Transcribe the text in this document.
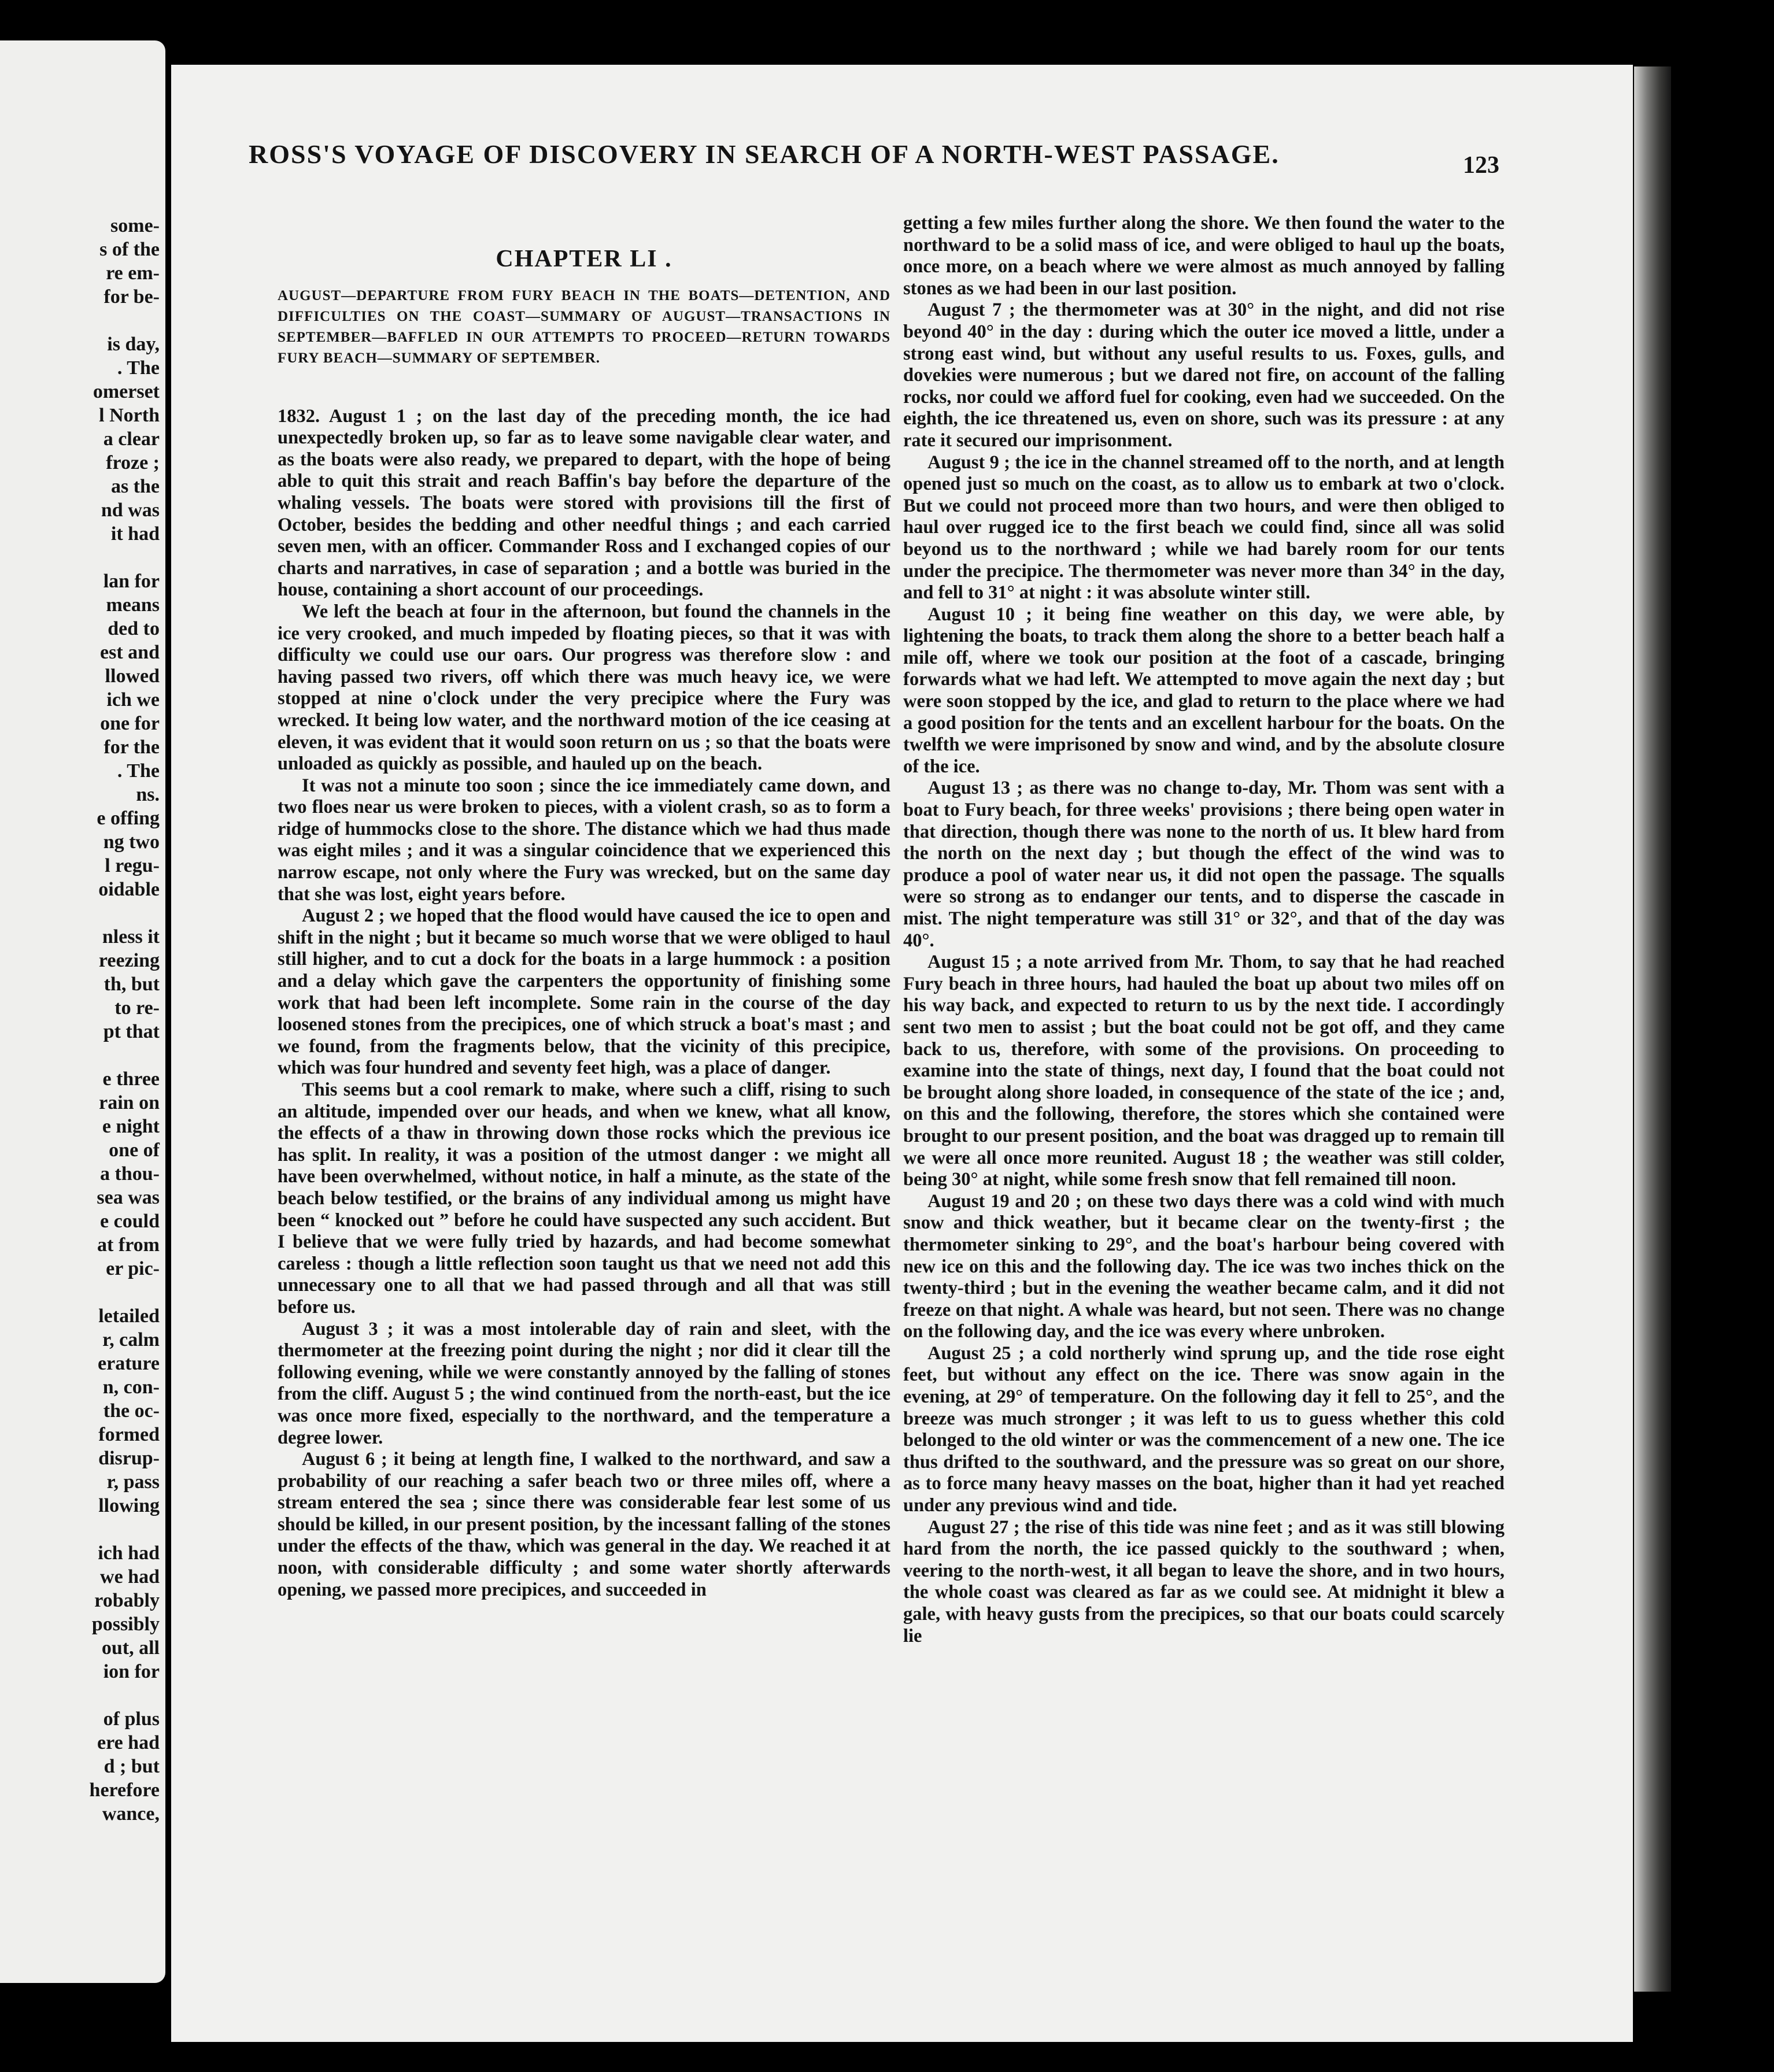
some-
s of the
re em-
for be-

is day,
. The
omerset
l North
a clear
froze ;
as the
nd was
it had

lan for
means
ded to
est and
llowed
ich we
one for
for the
. The
ns.
e offing
ng two
l regu-
oidable

nless it
reezing
th, but
to re-
pt that

e three
rain on
e night
one of
a thou-
sea was
e could
at from
er pic-

letailed
r, calm
erature
n, con-
the oc-
formed
disrup-
r, pass
llowing

ich had
we had
robably
possibly
out, all
ion for

of plus
ere had
d ; but
herefore
wance,
ROSS'S VOYAGE OF DISCOVERY IN SEARCH OF A NORTH-WEST PASSAGE.	123
CHAPTER LI .
AUGUST—DEPARTURE FROM FURY BEACH IN THE BOATS—DETENTION, AND DIFFICULTIES ON THE COAST—SUMMARY OF AUGUST—TRANSACTIONS IN SEPTEMBER—BAFFLED IN OUR ATTEMPTS TO PROCEED—RETURN TOWARDS FURY BEACH—SUMMARY OF SEPTEMBER.

1832. August 1 ; on the last day of the preceding month, the ice had unexpectedly broken up, so far as to leave some navigable clear water, and as the boats were also ready, we prepared to depart, with the hope of being able to quit this strait and reach Baffin's bay before the departure of the whaling vessels. The boats were stored with provisions till the first of October, besides the bedding and other needful things ; and each carried seven men, with an officer. Commander Ross and I exchanged copies of our charts and narratives, in case of separation ; and a bottle was buried in the house, containing a short account of our proceedings.

We left the beach at four in the afternoon, but found the channels in the ice very crooked, and much impeded by floating pieces, so that it was with difficulty we could use our oars. Our progress was therefore slow : and having passed two rivers, off which there was much heavy ice, we were stopped at nine o'clock under the very precipice where the Fury was wrecked. It being low water, and the northward motion of the ice ceasing at eleven, it was evident that it would soon return on us ; so that the boats were unloaded as quickly as possible, and hauled up on the beach.

It was not a minute too soon ; since the ice immediately came down, and two floes near us were broken to pieces, with a violent crash, so as to form a ridge of hummocks close to the shore. The distance which we had thus made was eight miles ; and it was a singular coincidence that we experienced this narrow escape, not only where the Fury was wrecked, but on the same day that she was lost, eight years before.

August 2 ; we hoped that the flood would have caused the ice to open and shift in the night ; but it became so much worse that we were obliged to haul still higher, and to cut a dock for the boats in a large hummock : a position and a delay which gave the carpenters the opportunity of finishing some work that had been left incomplete. Some rain in the course of the day loosened stones from the precipices, one of which struck a boat's mast ; and we found, from the fragments below, that the vicinity of this precipice, which was four hundred and seventy feet high, was a place of danger.

This seems but a cool remark to make, where such a cliff, rising to such an altitude, impended over our heads, and when we knew, what all know, the effects of a thaw in throwing down those rocks which the previous ice has split. In reality, it was a position of the utmost danger : we might all have been overwhelmed, without notice, in half a minute, as the state of the beach below testified, or the brains of any individual among us might have been “ knocked out ” before he could have suspected any such accident. But I believe that we were fully tried by hazards, and had become somewhat careless : though a little reflection soon taught us that we need not add this unnecessary one to all that we had passed through and all that was still before us.

August 3 ; it was a most intolerable day of rain and sleet, with the thermometer at the freezing point during the night ; nor did it clear till the following evening, while we were constantly annoyed by the falling of stones from the cliff. August 5 ; the wind continued from the north-east, but the ice was once more fixed, especially to the northward, and the temperature a degree lower.

August 6 ; it being at length fine, I walked to the northward, and saw a probability of our reaching a safer beach two or three miles off, where a stream entered the sea ; since there was considerable fear lest some of us should be killed, in our present position, by the incessant falling of the stones under the effects of the thaw, which was general in the day. We reached it at noon, with considerable difficulty ; and some water shortly afterwards opening, we passed more precipices, and succeeded in

getting a few miles further along the shore. We then found the water to the northward to be a solid mass of ice, and were obliged to haul up the boats, once more, on a beach where we were almost as much annoyed by falling stones as we had been in our last position.

August 7 ; the thermometer was at 30° in the night, and did not rise beyond 40° in the day : during which the outer ice moved a little, under a strong east wind, but without any useful results to us. Foxes, gulls, and dovekies were numerous ; but we dared not fire, on account of the falling rocks, nor could we afford fuel for cooking, even had we succeeded. On the eighth, the ice threatened us, even on shore, such was its pressure : at any rate it secured our imprisonment.

August 9 ; the ice in the channel streamed off to the north, and at length opened just so much on the coast, as to allow us to embark at two o'clock. But we could not proceed more than two hours, and were then obliged to haul over rugged ice to the first beach we could find, since all was solid beyond us to the northward ; while we had barely room for our tents under the precipice. The thermometer was never more than 34° in the day, and fell to 31° at night : it was absolute winter still.

August 10 ; it being fine weather on this day, we were able, by lightening the boats, to track them along the shore to a better beach half a mile off, where we took our position at the foot of a cascade, bringing forwards what we had left. We attempted to move again the next day ; but were soon stopped by the ice, and glad to return to the place where we had a good position for the tents and an excellent harbour for the boats. On the twelfth we were imprisoned by snow and wind, and by the absolute closure of the ice.

August 13 ; as there was no change to-day, Mr. Thom was sent with a boat to Fury beach, for three weeks' provisions ; there being open water in that direction, though there was none to the north of us. It blew hard from the north on the next day ; but though the effect of the wind was to produce a pool of water near us, it did not open the passage. The squalls were so strong as to endanger our tents, and to disperse the cascade in mist. The night temperature was still 31° or 32°, and that of the day was 40°.

August 15 ; a note arrived from Mr. Thom, to say that he had reached Fury beach in three hours, had hauled the boat up about two miles off on his way back, and expected to return to us by the next tide. I accordingly sent two men to assist ; but the boat could not be got off, and they came back to us, therefore, with some of the provisions. On proceeding to examine into the state of things, next day, I found that the boat could not be brought along shore loaded, in consequence of the state of the ice ; and, on this and the following, therefore, the stores which she contained were brought to our present position, and the boat was dragged up to remain till we were all once more reunited. August 18 ; the weather was still colder, being 30° at night, while some fresh snow that fell remained till noon.

August 19 and 20 ; on these two days there was a cold wind with much snow and thick weather, but it became clear on the twenty-first ; the thermometer sinking to 29°, and the boat's harbour being covered with new ice on this and the following day. The ice was two inches thick on the twenty-third ; but in the evening the weather became calm, and it did not freeze on that night. A whale was heard, but not seen. There was no change on the following day, and the ice was every where unbroken.

August 25 ; a cold northerly wind sprung up, and the tide rose eight feet, but without any effect on the ice. There was snow again in the evening, at 29° of temperature. On the following day it fell to 25°, and the breeze was much stronger ; it was left to us to guess whether this cold belonged to the old winter or was the commencement of a new one. The ice thus drifted to the southward, and the pressure was so great on our shore, as to force many heavy masses on the boat, higher than it had yet reached under any previous wind and tide.

August 27 ; the rise of this tide was nine feet ; and as it was still blowing hard from the north, the ice passed quickly to the southward ; when, veering to the north-west, it all began to leave the shore, and in two hours, the whole coast was cleared as far as we could see. At midnight it blew a gale, with heavy gusts from the precipices, so that our boats could scarcely lie
